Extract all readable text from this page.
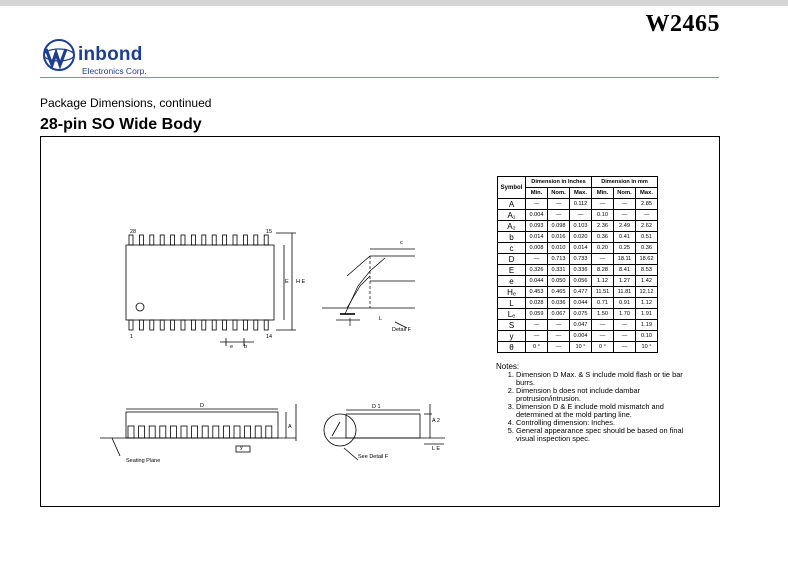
W2465
inbond
Electronics Corp.
Package Dimensions, continued
28-pin SO Wide Body
28	15
1	14
E H E
e b
c
L
Detail F
D	D 1
Seating Plane
See Detail F
A
A 2
L E
y
Symbol	Dimension in Inches			Dimension in mm		
	Min.	Nom.	Max.	Min.	Nom.	Max.
A	—	—	0.112	—	—	2.85
A₁	0.004	—	—	0.10	—	—
A₂	0.093	0.098	0.103	2.36	2.49	2.62
b	0.014	0.016	0.020	0.36	0.41	0.51
c	0.008	0.010	0.014	0.20	0.25	0.36
D	—	0.713	0.733	—	18.11	18.62
E	0.326	0.331	0.336	8.28	8.41	8.53
e	0.044	0.050	0.056	1.12	1.27	1.42
Hₑ	0.453	0.465	0.477	11.51	11.81	12.12
L	0.028	0.036	0.044	0.71	0.91	1.12
Lₑ	0.059	0.067	0.075	1.50	1.70	1.91
S	—	—	0.047	—	—	1.19
y	—	—	0.004	—	—	0.10
θ	0 °	—	10 °	0 °	—	10 °
Notes:
1. Dimension D Max. & S include mold flash or tie bar burrs.
2. Dimension b does not include dambar protrusion/intrusion.
3. Dimension D & E include mold mismatch and determined at the mold parting line.
4. Controlling dimension: Inches.
5. General appearance spec should be based on final visual inspection spec.
